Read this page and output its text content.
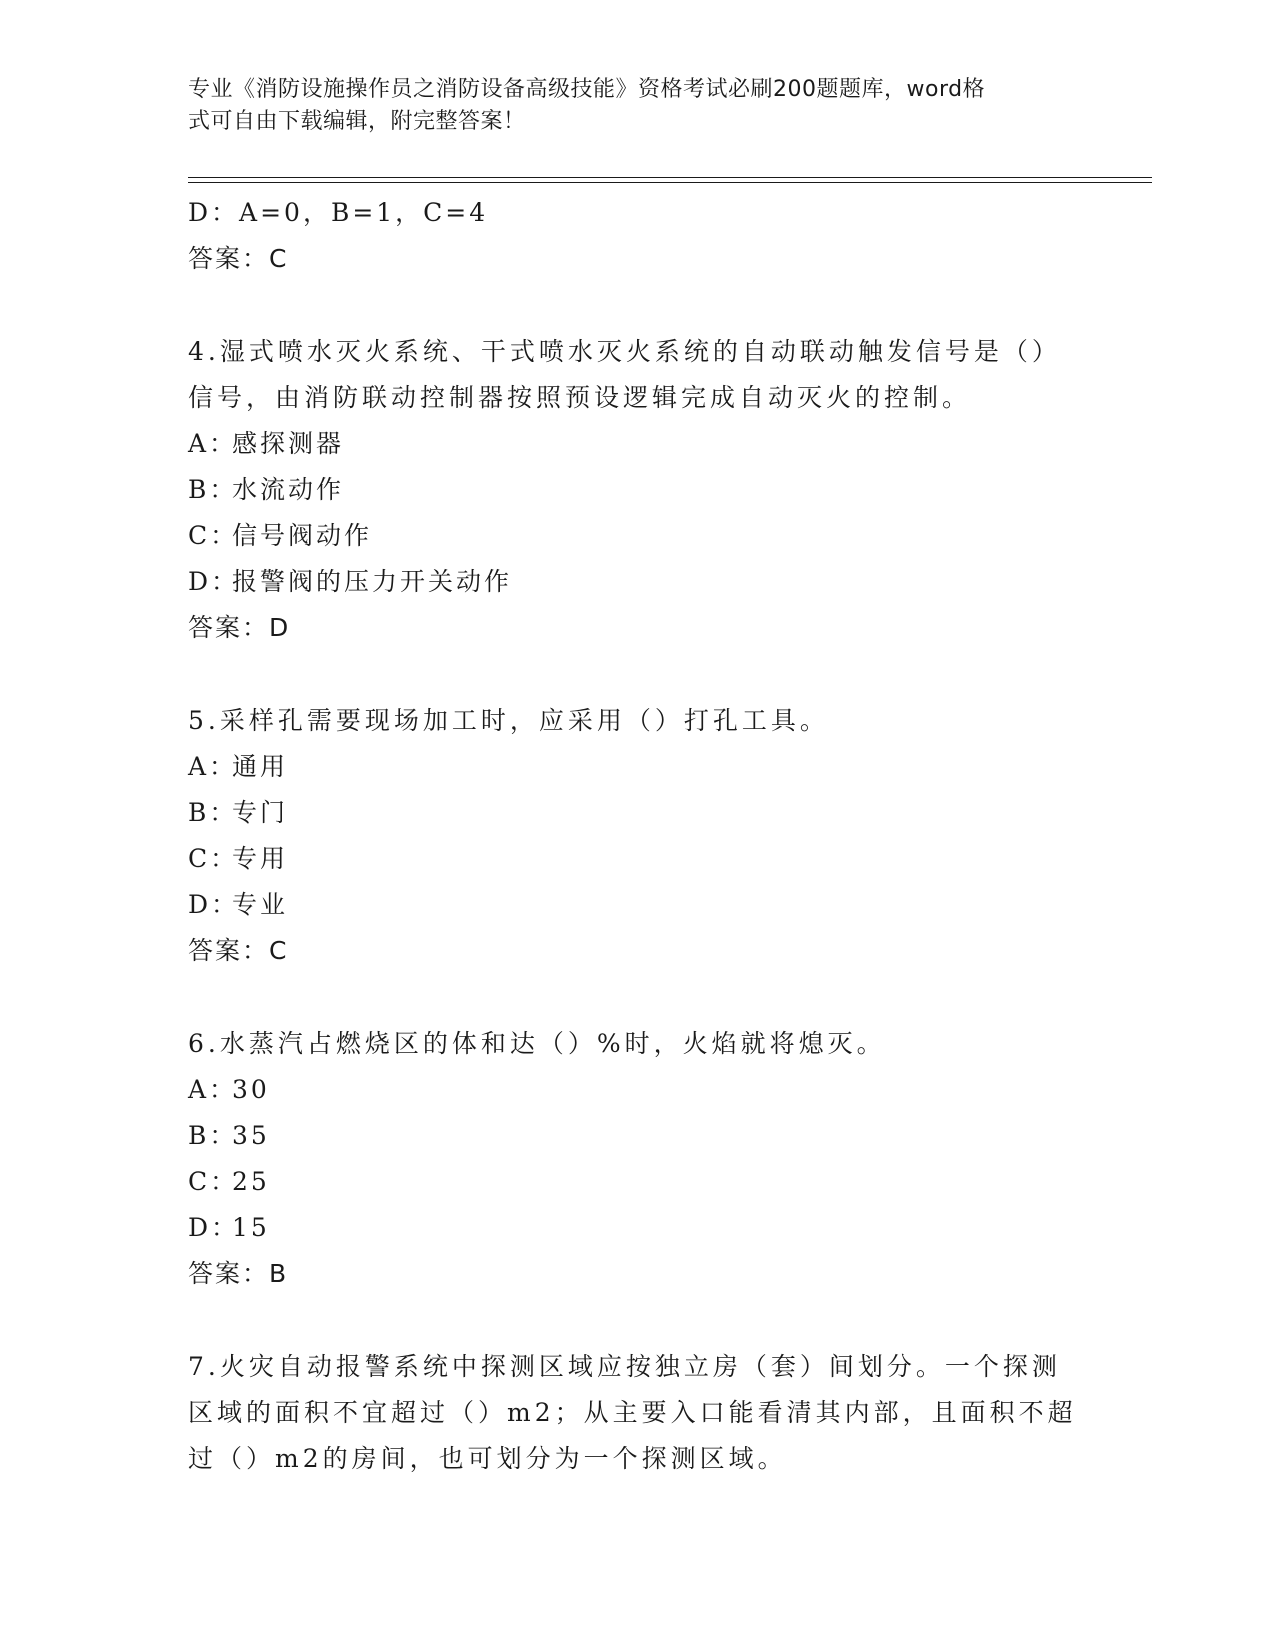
专业《消防设施操作员之消防设备高级技能》资格考试必刷200题题库，word格
式可自由下载编辑，附完整答案！
D：A=0，B=1，C=4
答案：C
4.湿式喷水灭火系统、干式喷水灭火系统的自动联动触发信号是（）
信号，由消防联动控制器按照预设逻辑完成自动灭火的控制。
A：感探测器
B：水流动作
C：信号阀动作
D：报警阀的压力开关动作
答案：D
5.采样孔需要现场加工时，应采用（）打孔工具。
A：通用
B：专门
C：专用
D：专业
答案：C
6.水蒸汽占燃烧区的体和达（）%时，火焰就将熄灭。
A：30
B：35
C：25
D：15
答案：B
7.火灾自动报警系统中探测区域应按独立房（套）间划分。一个探测
区域的面积不宜超过（）m2；从主要入口能看清其内部，且面积不超
过（）m2的房间，也可划分为一个探测区域。
